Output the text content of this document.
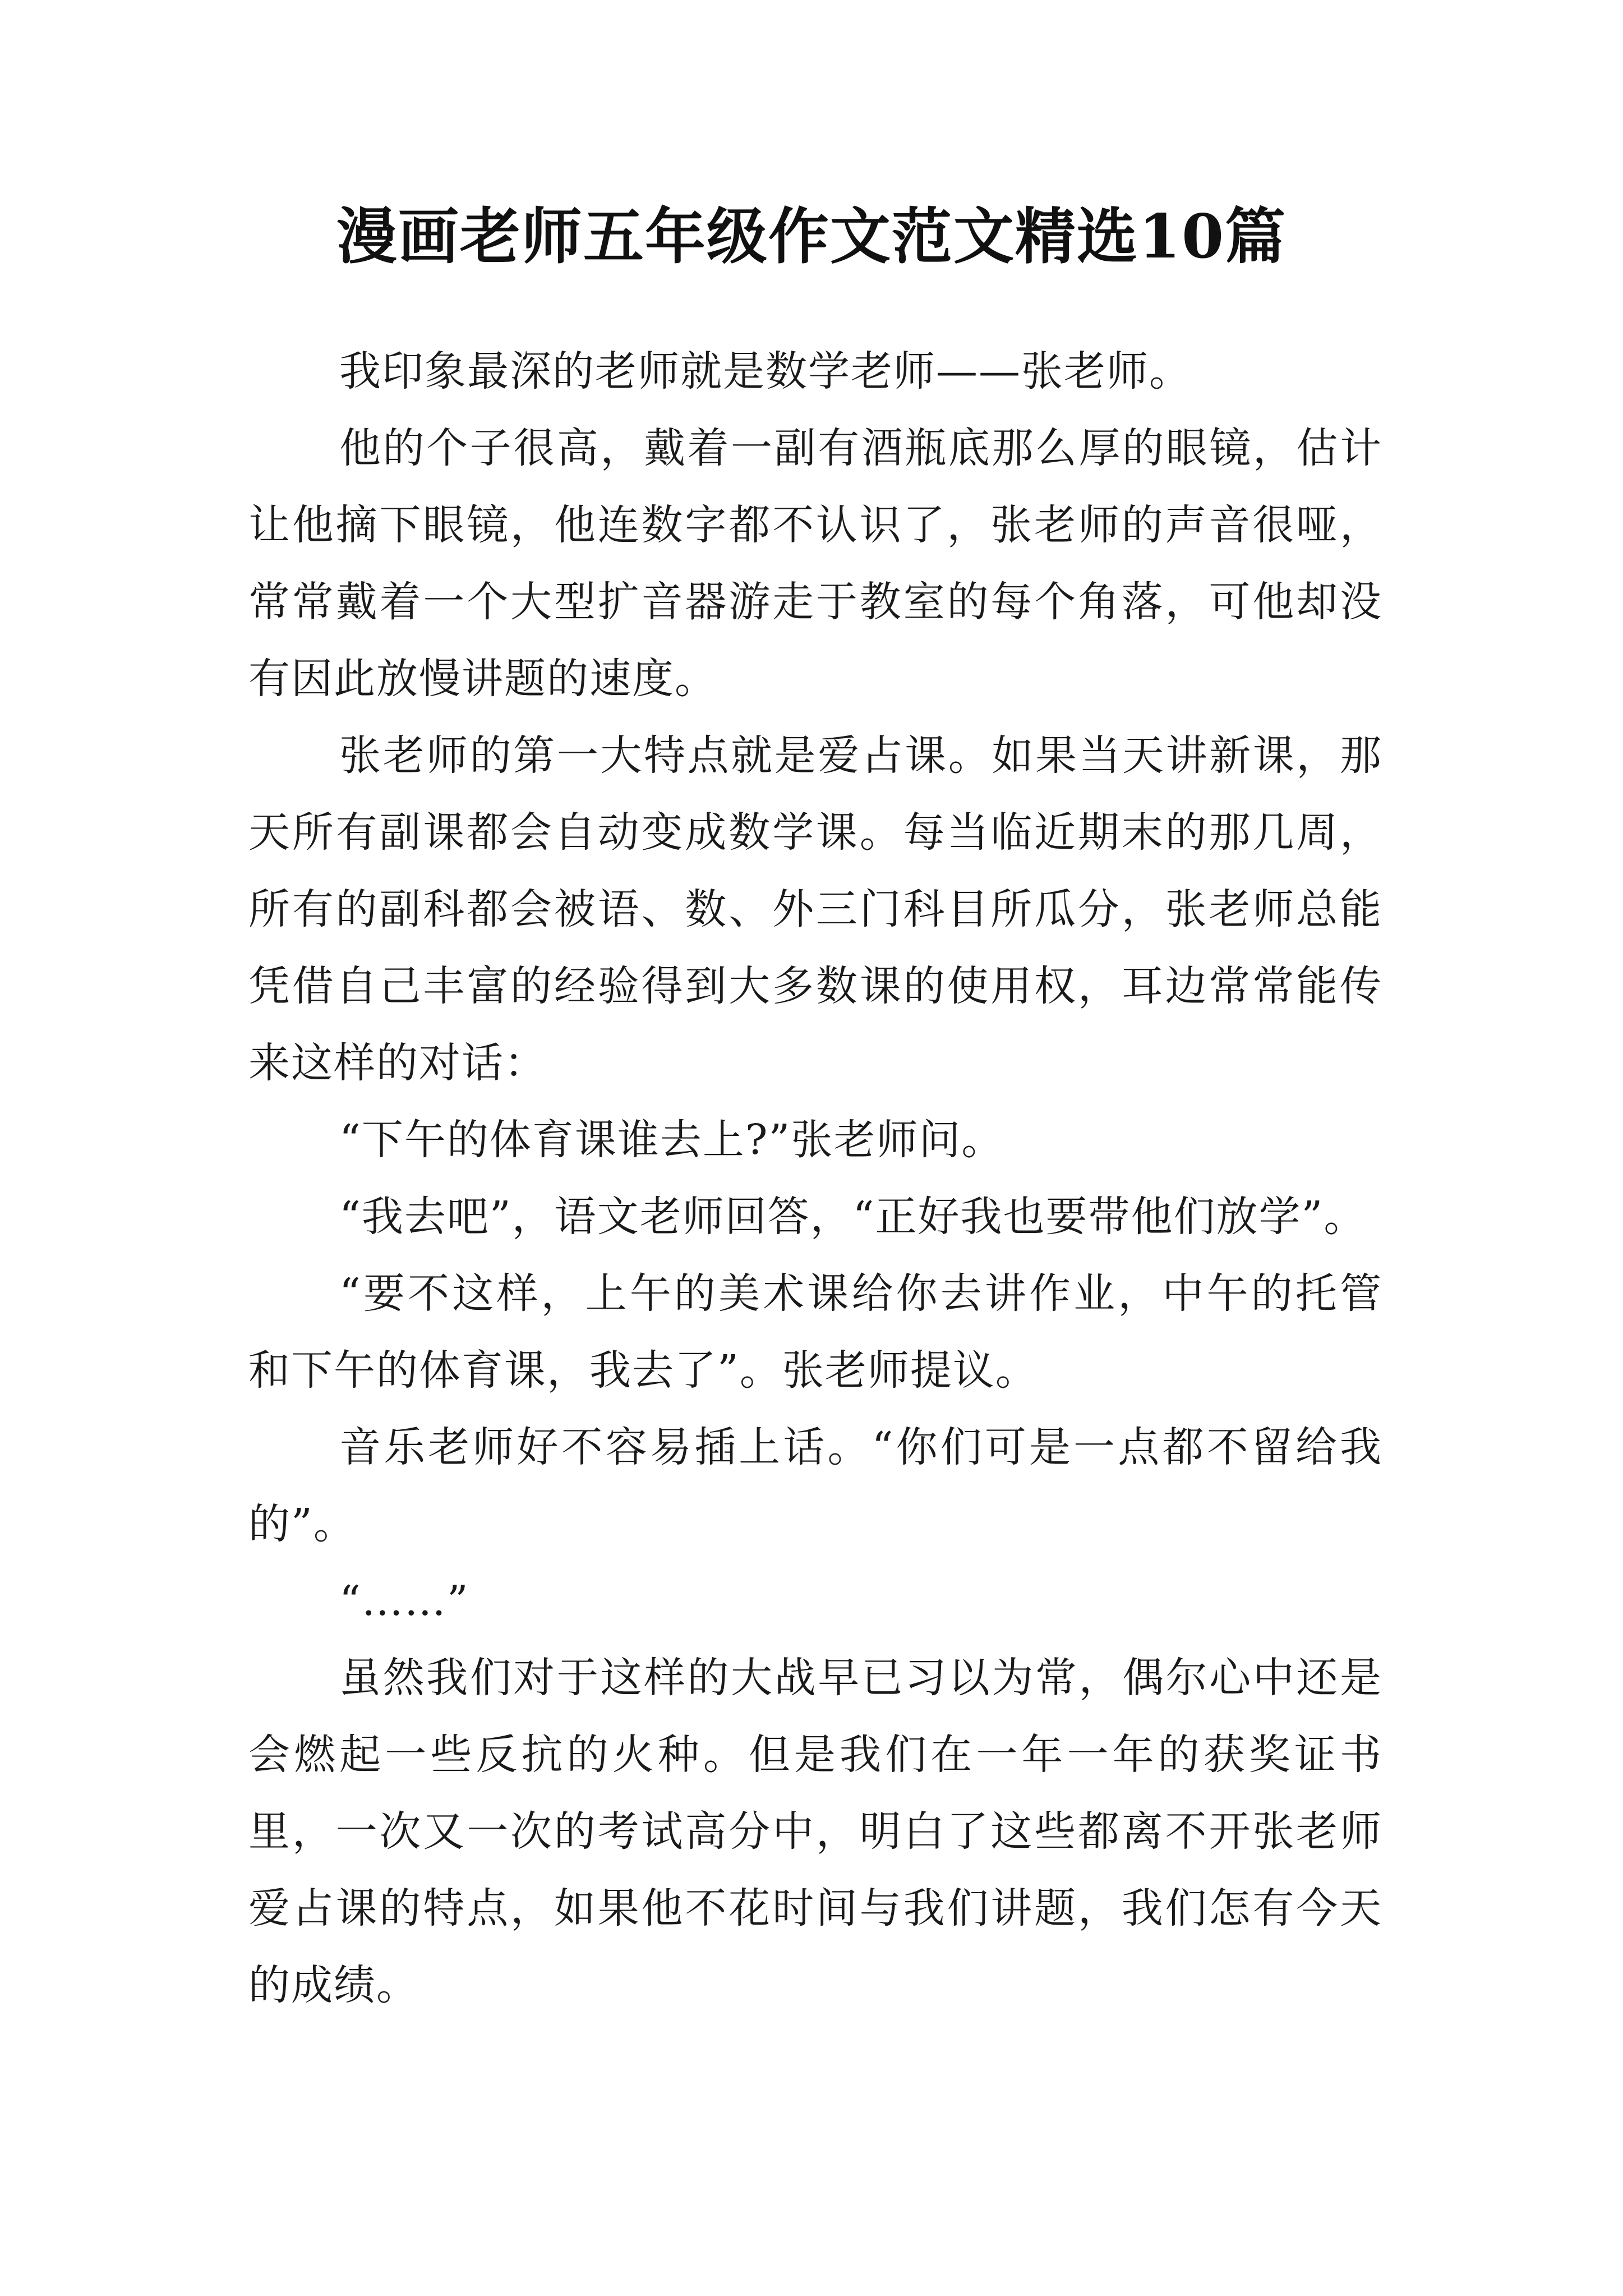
漫画老师五年级作文范文精选10篇

我印象最深的老师就是数学老师——张老师。

他的个子很高，戴着一副有酒瓶底那么厚的眼镜，估计让他摘下眼镜，他连数字都不认识了，张老师的声音很哑，常常戴着一个大型扩音器游走于教室的每个角落，可他却没有因此放慢讲题的速度。

张老师的第一大特点就是爱占课。如果当天讲新课，那天所有副课都会自动变成数学课。每当临近期末的那几周，所有的副科都会被语、数、外三门科目所瓜分，张老师总能凭借自己丰富的经验得到大多数课的使用权，耳边常常能传来这样的对话：

“下午的体育课谁去上?”张老师问。

“我去吧”，语文老师回答，“正好我也要带他们放学”。

“要不这样，上午的美术课给你去讲作业，中午的托管和下午的体育课，我去了”。张老师提议。

音乐老师好不容易插上话。“你们可是一点都不留给我的”。

“……”

虽然我们对于这样的大战早已习以为常，偶尔心中还是会燃起一些反抗的火种。但是我们在一年一年的获奖证书里，一次又一次的考试高分中，明白了这些都离不开张老师爱占课的特点，如果他不花时间与我们讲题，我们怎有今天的成绩。
